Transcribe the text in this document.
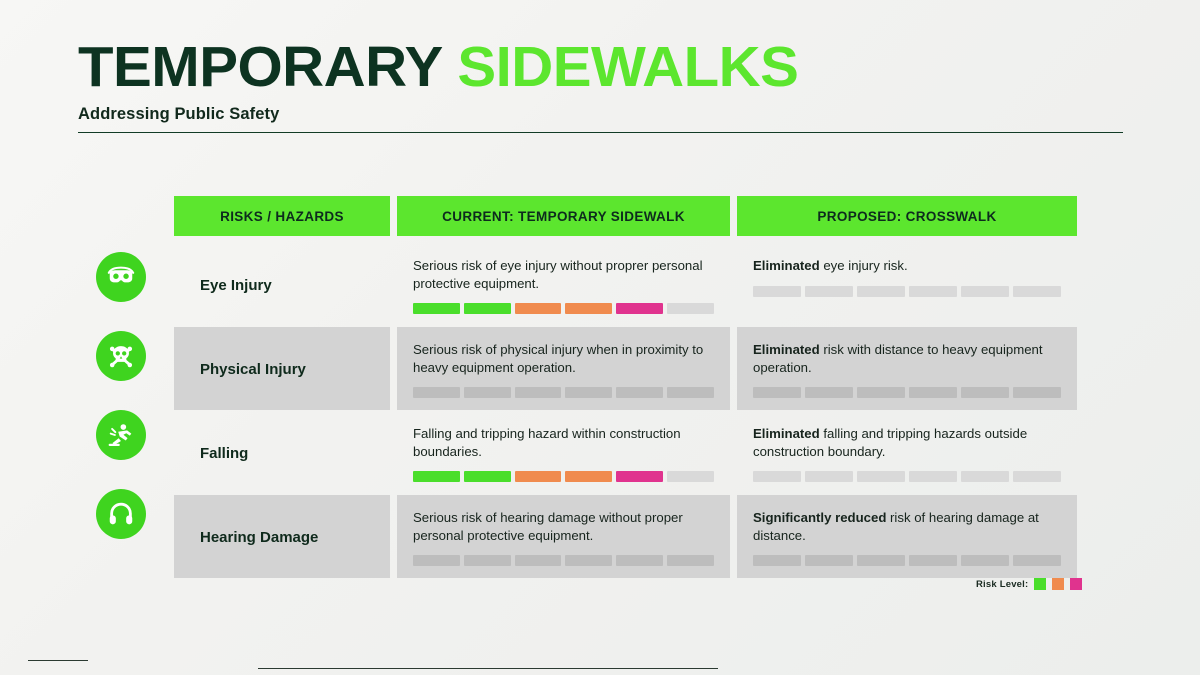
TEMPORARY SIDEWALKS
Addressing Public Safety
RISKS / HAZARDS	CURRENT: TEMPORARY SIDEWALK	PROPOSED: CROSSWALK
Eye Injury
Serious risk of eye injury without proprer personal protective equipment.
Eliminated eye injury risk.
Physical Injury
Serious risk of physical injury when in proximity to heavy equipment operation.
Eliminated risk with distance to heavy equipment operation.
Falling
Falling and tripping hazard within construction boundaries.
Eliminated falling and tripping hazards outside construction boundary.
Hearing Damage
Serious risk of hearing damage without proper personal protective equipment.
Significantly reduced risk of hearing damage at distance.
Risk Level:
